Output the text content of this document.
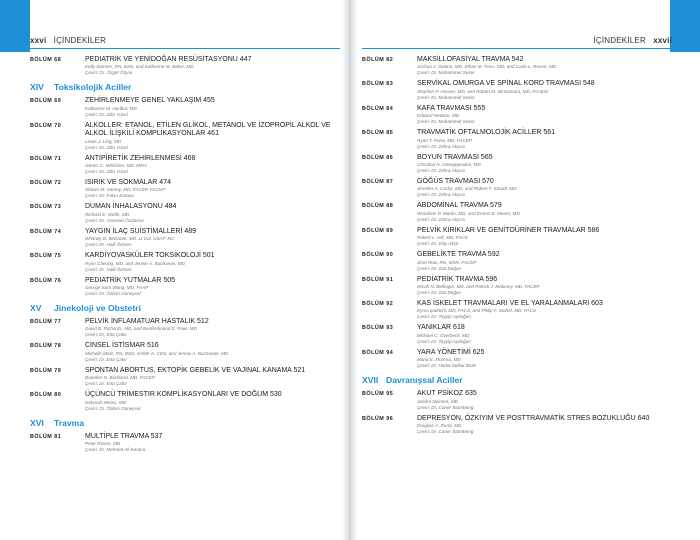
xxvi İÇİNDEKİLER	İÇİNDEKİLER xxvii
BÖLÜM 68	PEDIATRİK VE YENİDOĞAN RESÜSİTASYONU 447
Kelly Stanner, RN, BSN, and Katherine M. Baker, MD
Çeviri: Dr. Özgür Özyar
XIV Toksikolojik Aciller
BÖLÜM 69	ZEHİRLENMEYE GENEL YAKLAŞIM 455
Katherine M. Hurlbut, MD
Çeviri: Dr. Zilia Yücel
BÖLÜM 70	ALKOLLER: ETANOL, ETİLEN GLİKOL, METANOL VE İZOPROPİL ALKOL VE ALKOL İLİŞKİLİ KOMPLİKASYONLAR 461
Lewis J. Ling, MD
Çeviri: Dr. Zilia Yücel
BÖLÜM 71	ANTİPİRETİK ZEHİRLENMESİ 468
James C. Mitchiner, MD, MPH
Çeviri: Dr. Zilia Yücel
BÖLÜM 72	ISIRIK VE SOKMALAR 474
Shawn M. Varney, MD, FACEP, FACMT
Çeviri: Dr. Fatşu Karaca
BÖLÜM 73	DUMAN İNHALASYONU 484
Richard E. Wolfe, MD
Çeviri: Dr. Yasemin Özdamar
BÖLÜM 74	YAYGIN İLAÇ SUİSTİMALLERİ 489
Whitney B. Belsante, MD, Lt Col, USAF, MC
Çeviri: Dr. Halil Özmen
BÖLÜM 75	KARDİYOVASKÜLER TOKSİKOLOJİ 501
Ryan Cheung, MD, and Jennie A. Buchanan, MD
Çeviri: Dr. Halil Özmen
BÖLÜM 76	PEDIATRİK YUTMALAR 505
George Sam Wang, MD, FAAP
Çeviri: Dr. Özlem Güneysel
XV Jinekoloji ve Obstetri
BÖLÜM 77	PELVİK İNFLAMATUAR HASTALIK 512
David B. Richards, MD, and Benferdinand E. Pawl, MD
Çeviri: Dr. Eda Çakır
BÖLÜM 78	CİNSEL İSTİSMAR 516
Michelle Metz, RN, BSN, SANE-A, CEN, and Jennie A. Buchanan, MD
Çeviri: Dr. Eda Çakır
BÖLÜM 79	SPONTAN ABORTUS, EKTOPİK GEBELİK VE VAJİNAL KANAMA 521
Braeden N. Burkland, MD, FACEP
Çeviri: Dr. Eda Çakır
BÖLÜM 80	ÜÇÜNCÜ TRİMESTIR KOMPLİKASYONLARI VE DOĞUM 530
Deborah Weiss, MD
Çeviri: Dr. Özlem Güneysel
XVI Travma
BÖLÜM 81	MULTİPLE TRAVMA 537
Peter Rosen, MD
Çeviri: Dr. Mehmet Ali Karaca
BÖLÜM 82	MAKSİLLOFASİYAL TRAVMA 542
Joshua J. Solano, MD, Ethan M. Ross, MD, and Carlo L. Rosen, MD
Çeviri: Dr. Muhammet Sezer
BÖLÜM 83	SERVİKAL OMURGA VE SPİNAL KORD TRAVMASI 548
Stephen P. Hoover, MD, and Robert M. McNamara, MD, FAAEM
Çeviri: Dr. Muhammet Sezer
BÖLÜM 84	KAFA TRAVMASI 555
Edward Newton, MD
Çeviri: Dr. Muhammet Sezer
BÖLÜM 85	TRAVMATİK OFTALMOLOJİK ACİLLER 561
Ryan T. Pona, MD, FACEP
Çeviri: Dr. Zehra Akçıra
BÖLÜM 86	BOYUN TRAVMASI 565
Christina N. Georgopoulos, MD
Çeviri: Dr. Zehra Akçıra
BÖLÜM 87	GÖĞÜS TRAVMASI 570
Jennifer A. Carbo, MD, and Robert F. Stoudt, MD
Çeviri: Dr. Zehra Akçıra
BÖLÜM 88	ABDOMİNAL TRAVMA 579
Woodster P. Martin, MD, and Ernest E. Moore, MD
Çeviri: Dr. Zehra Akçıra
BÖLÜM 89	PELVİK KIRIKLAR VE GENİTOÜRİNER TRAVMALAR 586
Robert L. Hill, MD, FACS
Çeviri: Dr. Dilşi Akşit
BÖLÜM 90	GEBELİKTE TRAVMA 592
Jenti Row, RN, MSN, FACEP
Çeviri: Dr. Ziat Doğan
BÖLÜM 91	PEDİATRİK TRAVMA 596
Micah N. Bellinger, MD, and Patrick J. Maloney, MD, FACEP
Çeviri: Dr. Ziat Doğan
BÖLÜM 92	KAS İSKELET TRAVMALARI VE EL YARALANMALARI 603
Kyros Ipaktchi, MD, FACS, and Philip F. Stahel, MD, FACS
Çeviri: Dr. Tayyip Aydoğan
BÖLÜM 93	YANIKLAR 618
Michael C. Overbeck, MD
Çeviri: Dr. Tayyip Aydoğan
BÖLÜM 94	YARA YÖNETİMİ 625
Maria E. Moreira, MD
Çeviri: Dr. Hüdai Sülkai Bozk
XVII Davranışsal Aciller
BÖLÜM 95	AKUT PSİKOZ 635
Jandra Neimert, MD
Çeviri: Dr. Caner Stambong
BÖLÜM 96	DEPRESYON, ÖZKIYIM VE POSTTRAVMATİK STRES BOZUKLUĞU 640
Douglas A. Rund, MD
Çeviri: Dr. Caner Stambong
